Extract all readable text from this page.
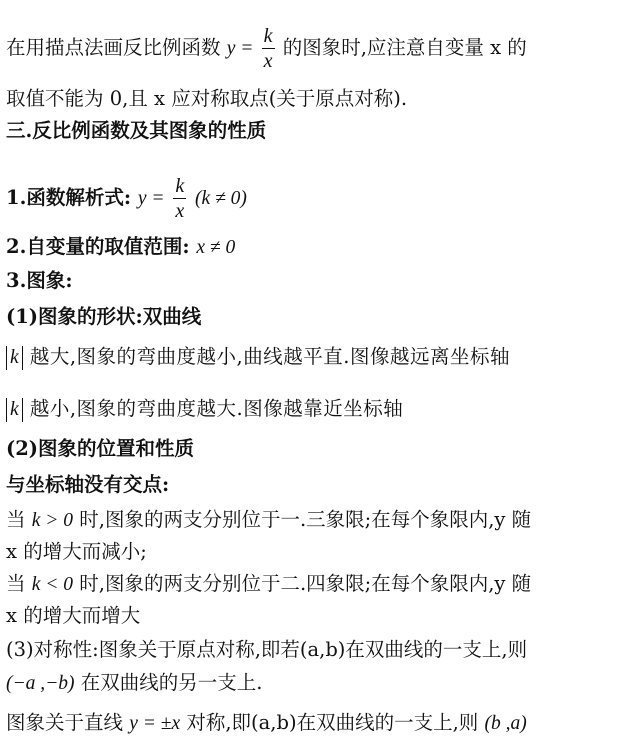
在用描点法画反比例函数 $y = \frac{k}{x}$ 的图象时,应注意自变量 x 的
取值不能为 0,且 x 应对称取点(关于原点对称).
三.反比例函数及其图象的性质
1.函数解析式: $y = \frac{k}{x} (k \ne 0)$
2.自变量的取值范围: x ≠ 0
3.图象:
(1)图象的形状:双曲线
k 越大,图象的弯曲度越小,曲线越平直.图像越远离坐标轴
k 越小,图象的弯曲度越大.图像越靠近坐标轴
(2)图象的位置和性质
与坐标轴没有交点:
当 k > 0 时,图象的两支分别位于一.三象限;在每个象限内,y 随
x 的增大而减小;
当 k < 0 时,图象的两支分别位于二.四象限;在每个象限内,y 随
x 的增大而增大
(3)对称性:图象关于原点对称,即若(a,b)在双曲线的一支上,则
(−a ,−b) 在双曲线的另一支上.
图象关于直线 y = ±x 对称,即(a,b)在双曲线的一支上,则 (b ,a)
